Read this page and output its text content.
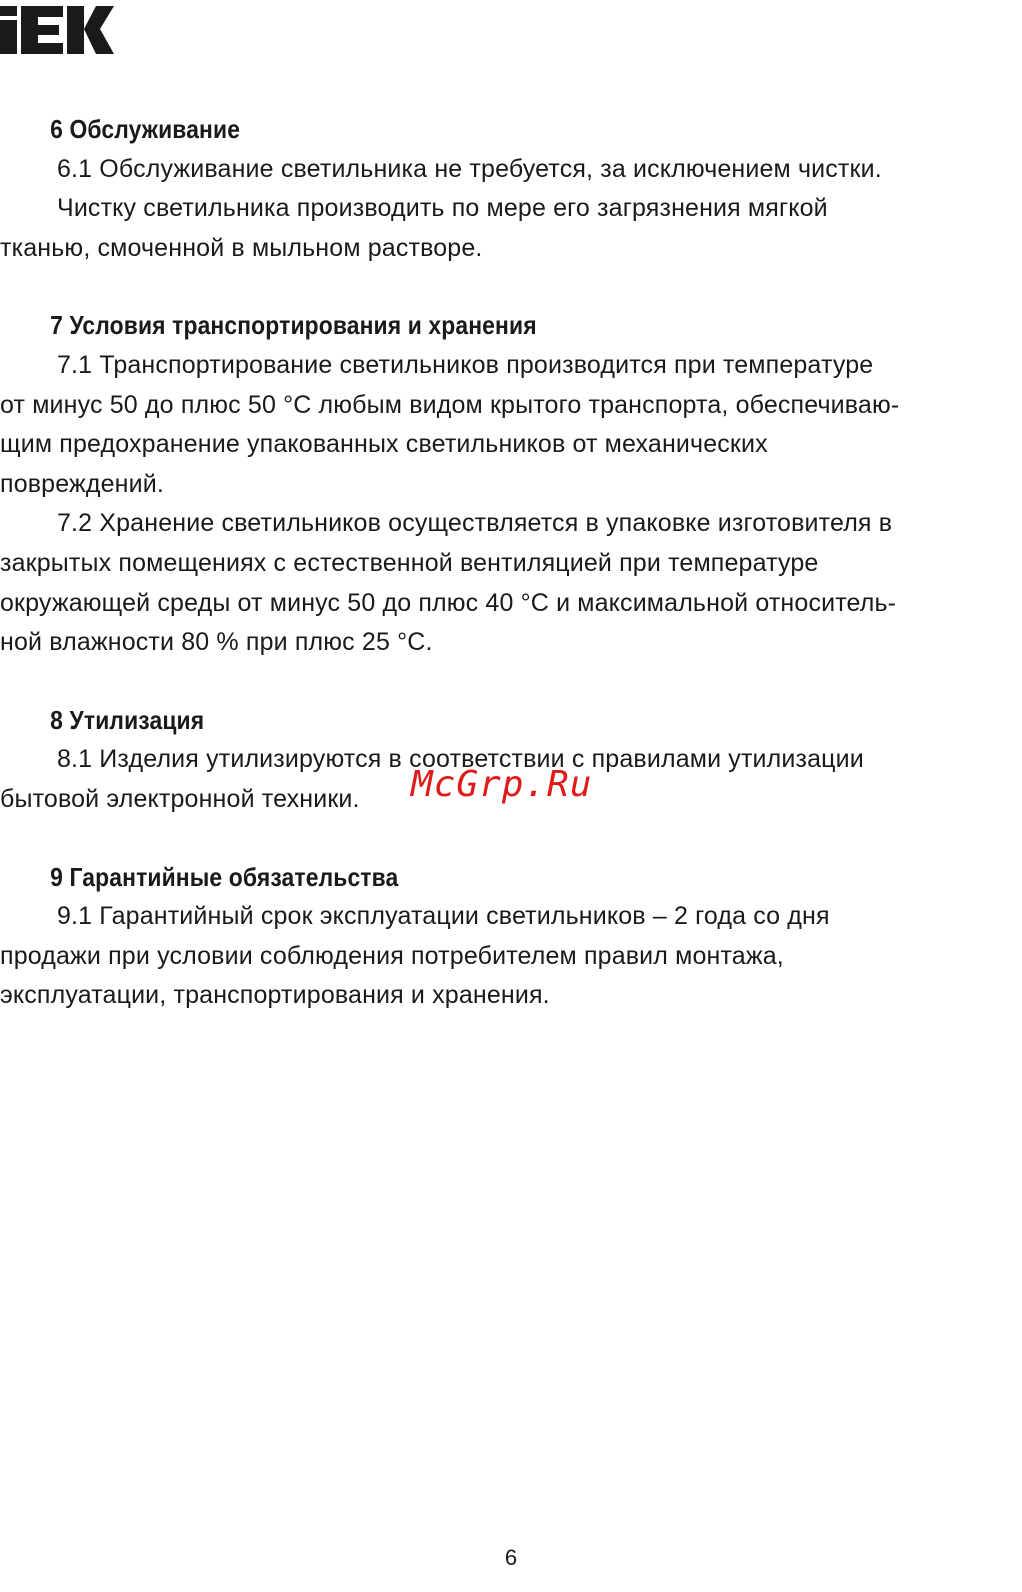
6 Обслуживание

6.1 Обслуживание светильника не требуется, за исключением чистки.

Чистку светильника производить по мере его загрязнения мягкой
тканью, смоченной в мыльном растворе.

7 Условия транспортирования и хранения

7.1 Транспортирование светильников производится при температуре
от минус 50 до плюс 50 °С любым видом крытого транспорта, обеспечиваю-
щим предохранение упакованных светильников от механических
повреждений.

7.2 Хранение светильников осуществляется в упаковке изготовителя в
закрытых помещениях с естественной вентиляцией при температуре
окружающей среды от минус 50 до плюс 40 °С и максимальной относитель-
ной влажности 80 % при плюс 25 °С.

8 Утилизация

8.1 Изделия утилизируются в соответствии с правилами утилизации
бытовой электронной техники.

9 Гарантийные обязательства

9.1 Гарантийный срок эксплуатации светильников – 2 года со дня
продажи при условии соблюдения потребителем правил монтажа,
эксплуатации, транспортирования и хранения.

McGrp.Ru
6
